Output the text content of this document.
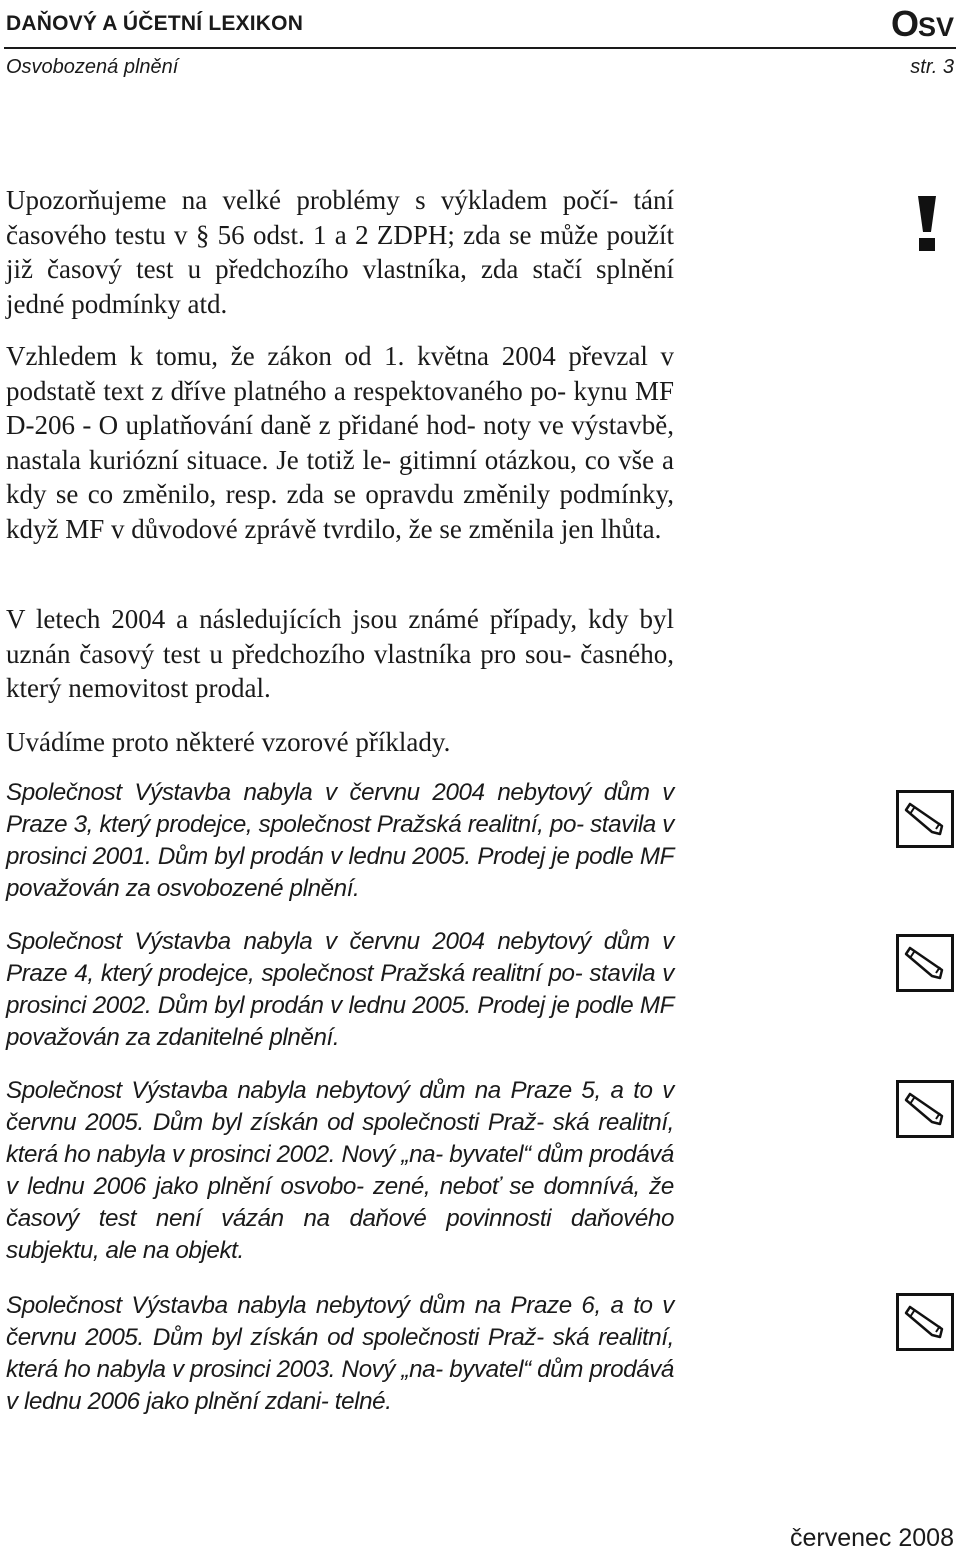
DAŇOVÝ A ÚČETNÍ LEXIKON	OSV
Osvobozená plnění	str. 3

Upozorňujeme na velké problémy s výkladem počí- tání časového testu v § 56 odst. 1 a 2 ZDPH; zda se může použít již časový test u předchozího vlastníka, zda stačí splnění jedné podmínky atd.

Vzhledem k tomu, že zákon od 1. května 2004 převzal v podstatě text z dříve platného a respektovaného po- kynu MF D-206 - O uplatňování daně z přidané hod- noty ve výstavbě, nastala kuriózní situace. Je totiž le- gitimní otázkou, co vše a kdy se co změnilo, resp. zda se opravdu změnily podmínky, když MF v důvodové zprávě tvrdilo, že se změnila jen lhůta.

V letech 2004 a následujících jsou známé případy, kdy byl uznán časový test u předchozího vlastníka pro sou- časného, který nemovitost prodal.

Uvádíme proto některé vzorové příklady.

Společnost Výstavba nabyla v červnu 2004 nebytový dům v Praze 3, který prodejce, společnost Pražská realitní, po- stavila v prosinci 2001. Dům byl prodán v lednu 2005. Prodej je podle MF považován za osvobozené plnění.

Společnost Výstavba nabyla v červnu 2004 nebytový dům v Praze 4, který prodejce, společnost Pražská realitní po- stavila v prosinci 2002. Dům byl prodán v lednu 2005. Prodej je podle MF považován za zdanitelné plnění.

Společnost Výstavba nabyla nebytový dům na Praze 5, a to v červnu 2005. Dům byl získán od společnosti Praž- ská realitní, která ho nabyla v prosinci 2002. Nový „na- byvatel“ dům prodává v lednu 2006 jako plnění osvobo- zené, neboť se domnívá, že časový test není vázán na daňové povinnosti daňového subjektu, ale na objekt.

Společnost Výstavba nabyla nebytový dům na Praze 6, a to v červnu 2005. Dům byl získán od společnosti Praž- ská realitní, která ho nabyla v prosinci 2003. Nový „na- byvatel“ dům prodává v lednu 2006 jako plnění zdani- telné.

červenec 2008
